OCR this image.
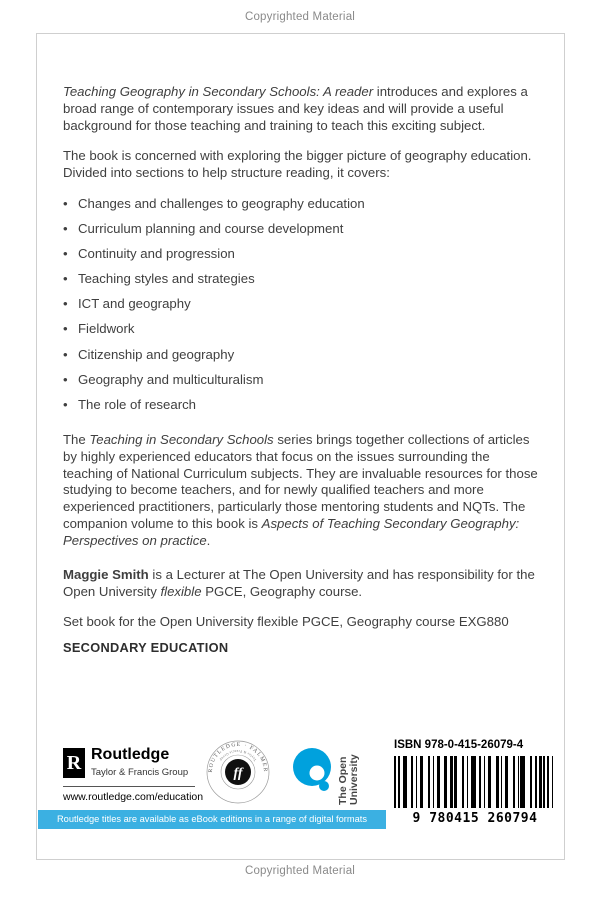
Copyrighted Material

Teaching Geography in Secondary Schools: A reader introduces and explores a broad range of contemporary issues and key ideas and will provide a useful background for those teaching and training to teach this exciting subject.

The book is concerned with exploring the bigger picture of geography education. Divided into sections to help structure reading, it covers:

• Changes and challenges to geography education
• Curriculum planning and course development
• Continuity and progression
• Teaching styles and strategies
• ICT and geography
• Fieldwork
• Citizenship and geography
• Geography and multiculturalism
• The role of research

The Teaching in Secondary Schools series brings together collections of articles by highly experienced educators that focus on the issues surrounding the teaching of National Curriculum subjects. They are invaluable resources for those studying to become teachers, and for newly qualified teachers and more experienced practitioners, particularly those mentoring students and NQTs. The companion volume to this book is Aspects of Teaching Secondary Geography: Perspectives on practice.

Maggie Smith is a Lecturer at The Open University and has responsibility for the Open University flexible PGCE, Geography course.

Set book for the Open University flexible PGCE, Geography course EXG880

SECONDARY EDUCATION

R Routledge
Taylor & Francis Group
www.routledge.com/education
ROUTLEDGE · FALMER
Taylor & Francis Group
ff	The Open University
Routledge titles are available as eBook editions in a range of digital formats
ISBN 978-0-415-26079-4
9 780415 260794
Copyrighted Material
